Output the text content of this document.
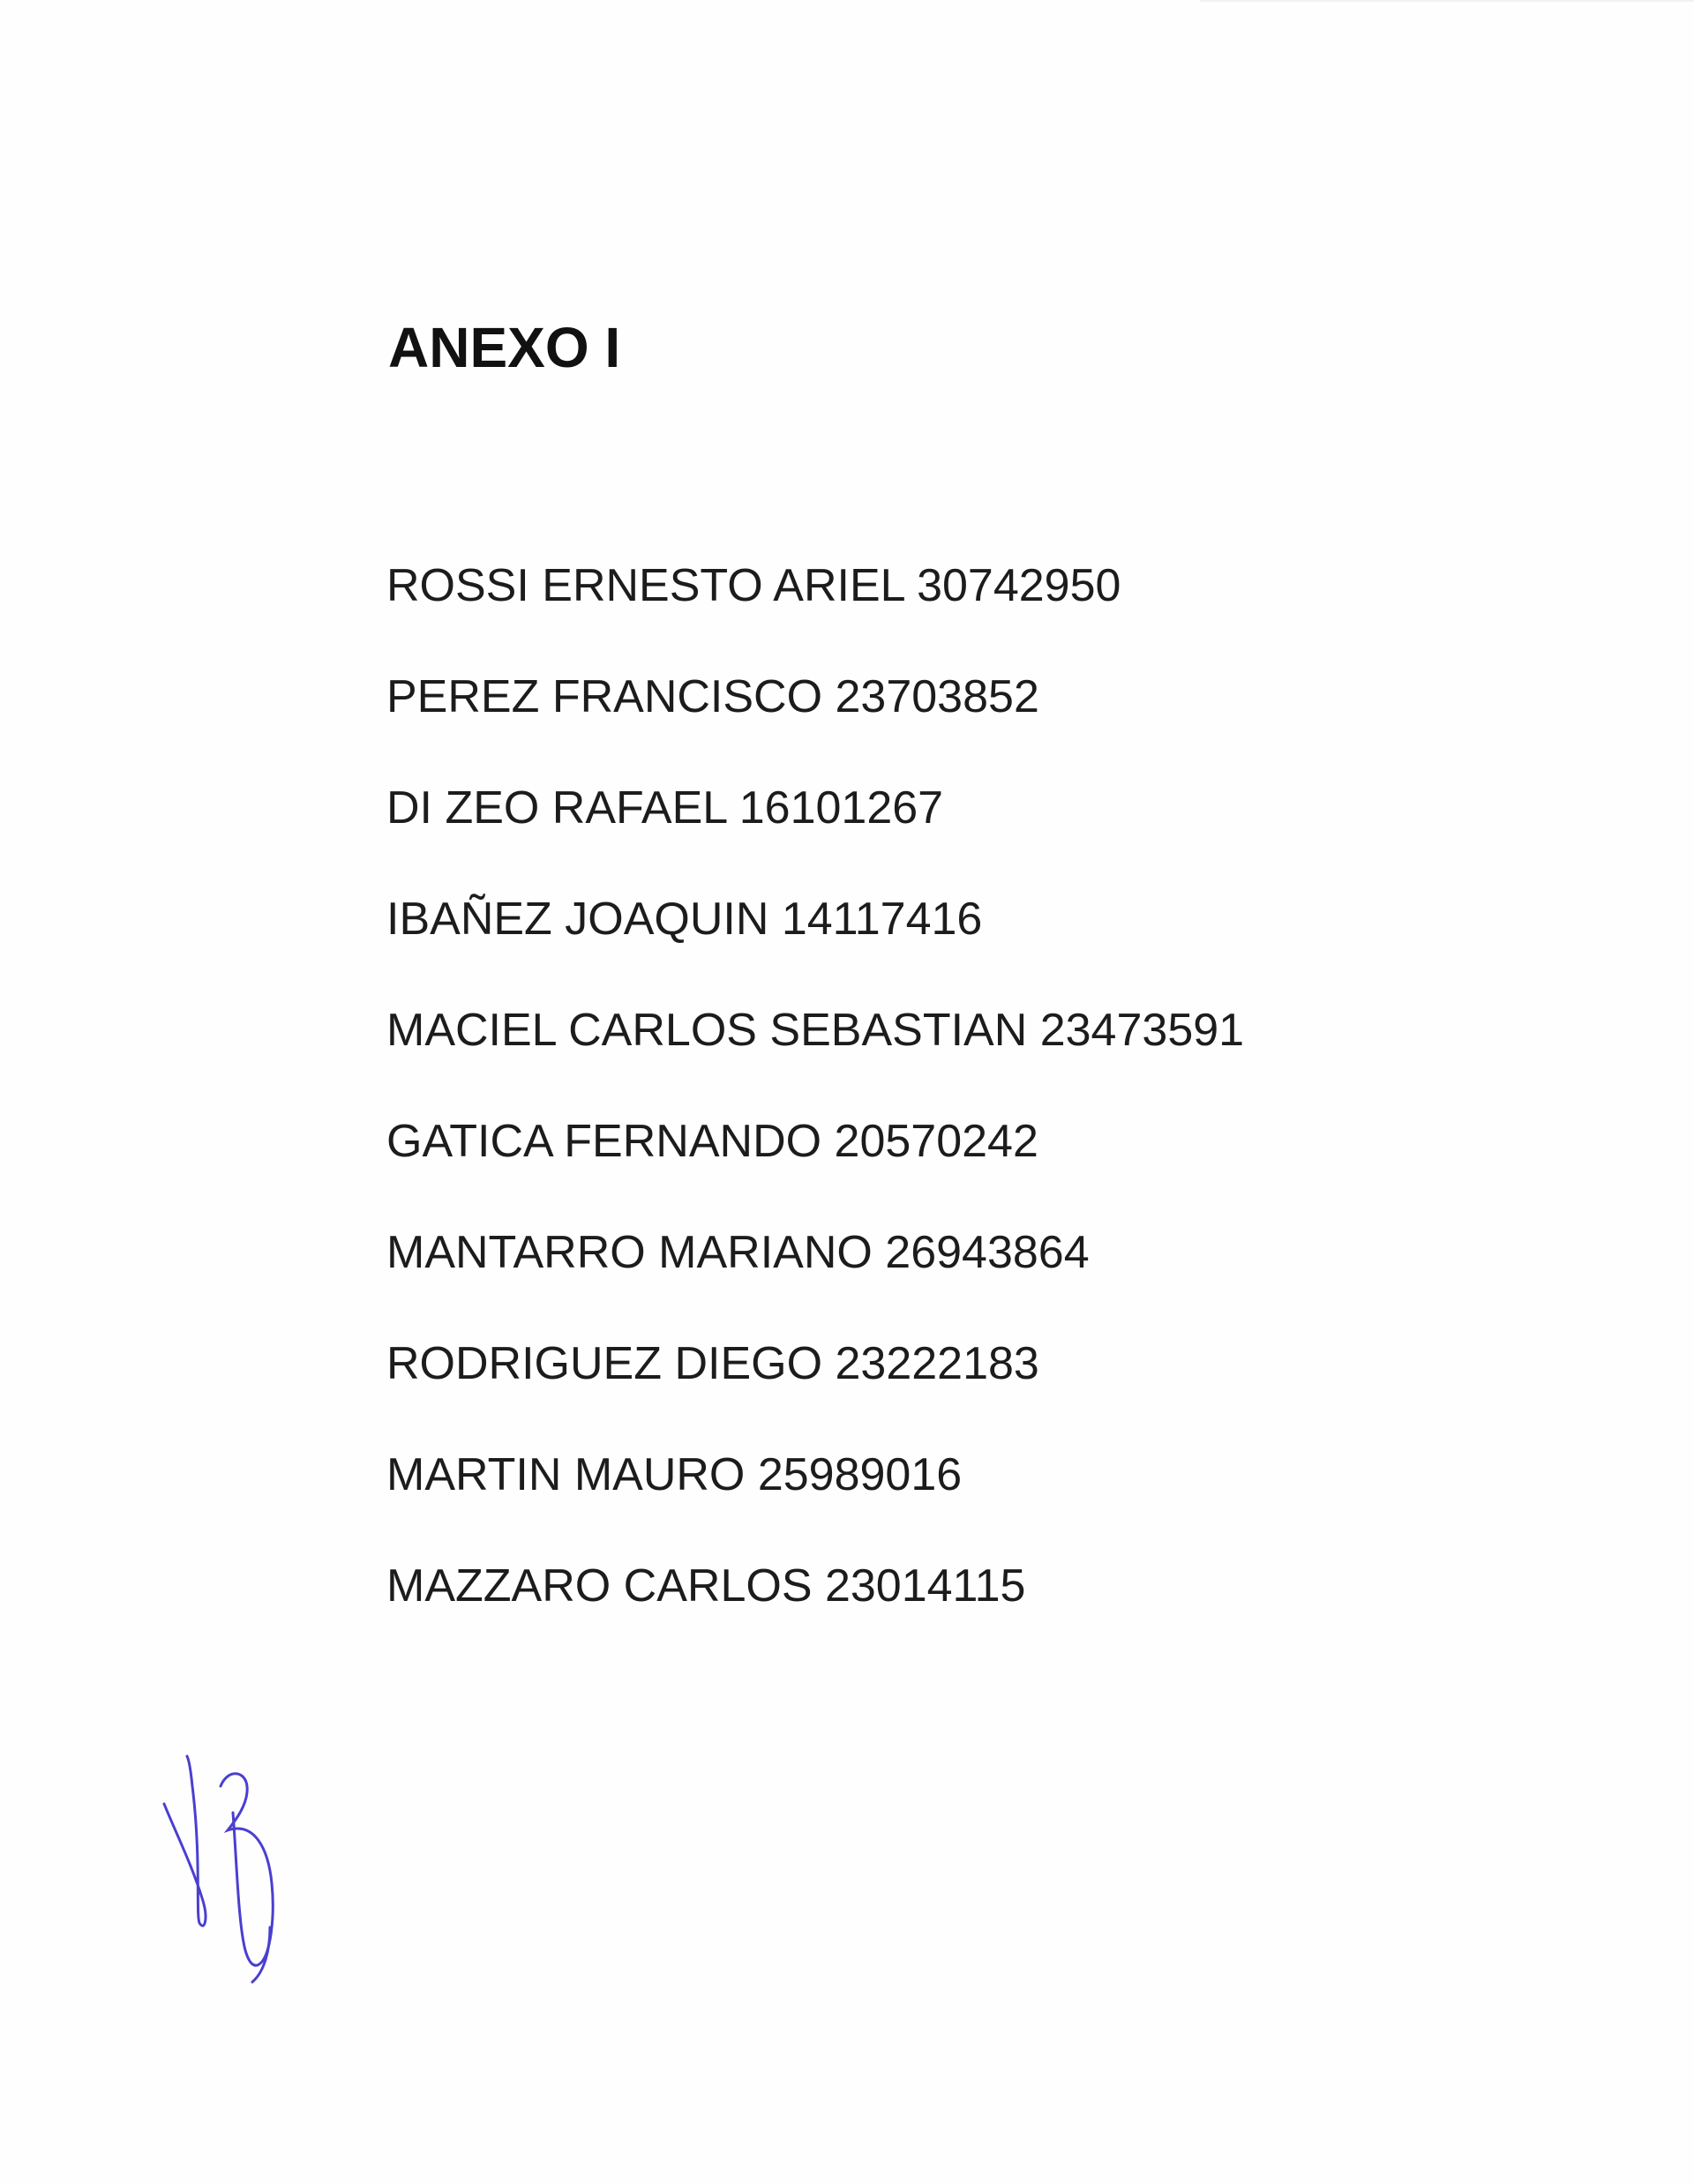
ANEXO I
ROSSI ERNESTO ARIEL 30742950
PEREZ FRANCISCO 23703852
DI ZEO RAFAEL 16101267
IBAÑEZ JOAQUIN 14117416
MACIEL CARLOS SEBASTIAN 23473591
GATICA FERNANDO 20570242
MANTARRO MARIANO 26943864
RODRIGUEZ DIEGO 23222183
MARTIN MAURO 25989016
MAZZARO CARLOS 23014115
